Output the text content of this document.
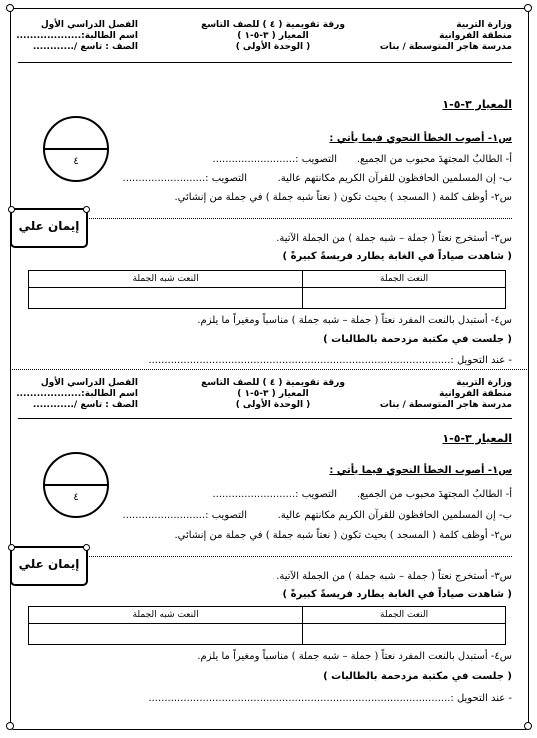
وزارة التربية
منطقة الفروانية
مدرسة هاجر المتوسطة / بنات
ورقة تقويمية ( ٤ ) للصف التاسع
المعيار ( ٣-٥-١ )
( الوحدة الأولى )
الفصل الدراسي الأول
اسم الطالبة:...................
الصف : تاسع /............
المعيار ٣-٥-١
٤
س١- أصوب الخطأ النحوي فيما يأتي :
أ- الطالبُ المجتهدَ محبوب من الجميع.
التصويب :..........................
ب- إن المسلمين الحافظون للقرآن الكريم مكانتهم عالية.
التصويب :..........................
س٢- أوظف كلمة ( المسجد ) بحيث تكون ( نعتاً شبه جملة ) في جملة من إنشائي.
إيمان علي
س٣- أستخرج نعتاً ( جملة – شبه جملة ) من الجملة الآتية.
( شاهدت صياداً في الغابة يطارد فريسةً كبيرةً )
النعت الجملة	النعت شبه الجملة

س٤- أستبدل بالنعت المفرد نعتاً ( جملة – شبه جملة ) مناسباً ومغيراً ما يلزم.
( جلست في مكتبة مزدحمة بالطالبات )
- عند التحويل :...............................................................................................
وزارة التربية
منطقة الفروانية
مدرسة هاجر المتوسطة / بنات
ورقة تقويمية ( ٤ ) للصف التاسع
المعيار ( ٣-٥-١ )
( الوحدة الأولى )
الفصل الدراسي الأول
اسم الطالبة:...................
الصف : تاسع /............
المعيار ٣-٥-١
٤
س١- أصوب الخطأ النحوي فيما يأتي :
أ- الطالبُ المجتهدَ محبوب من الجميع.
التصويب :..........................
ب- إن المسلمين الحافظون للقرآن الكريم مكانتهم عالية.
التصويب :..........................
س٢- أوظف كلمة ( المسجد ) بحيث تكون ( نعتاً شبه جملة ) في جملة من إنشائي.
إيمان علي
س٣- أستخرج نعتاً ( جملة – شبه جملة ) من الجملة الآتية.
( شاهدت صياداً في الغابة يطارد فريسةً كبيرةً )
النعت الجملة	النعت شبه الجملة

س٤- أستبدل بالنعت المفرد نعتاً ( جملة – شبه جملة ) مناسباً ومغيراً ما يلزم.
( جلست في مكتبة مزدحمة بالطالبات )
- عند التحويل :...............................................................................................
